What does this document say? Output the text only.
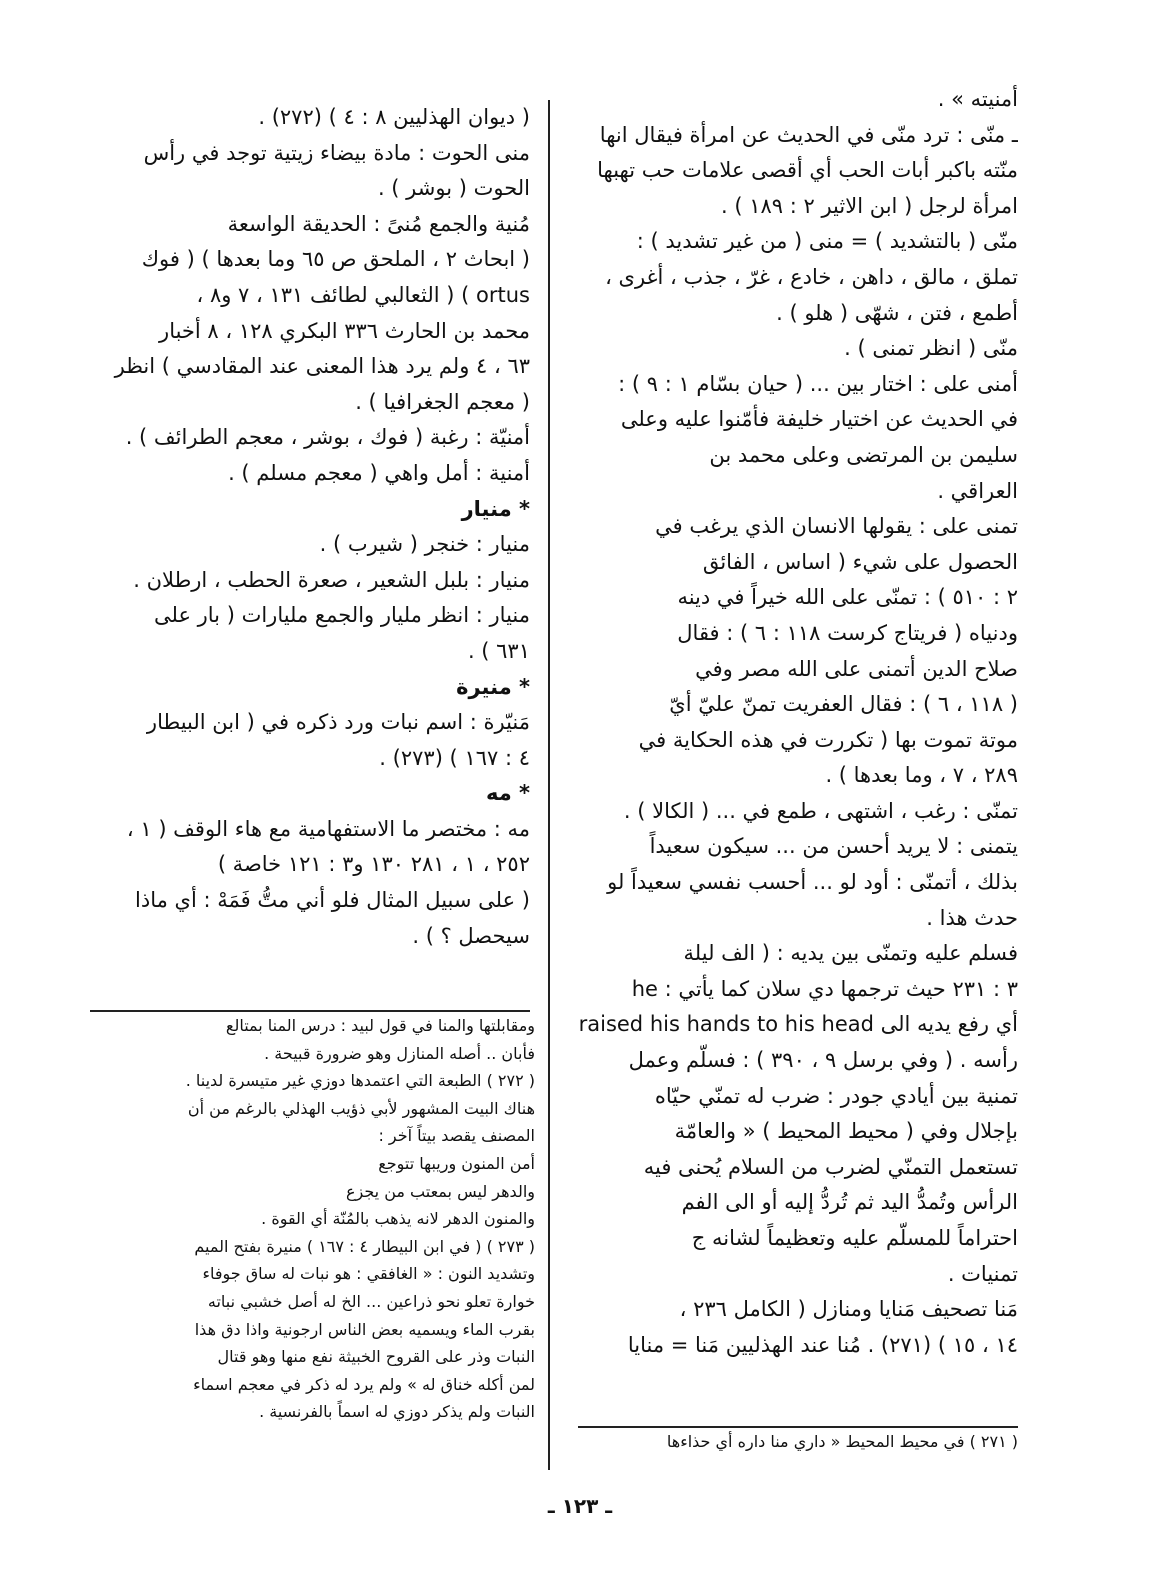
أمنيته » .
ـ منّى : ترد منّى في الحديث عن امرأة فيقال انها
منّته باكبر أبات الحب أي أقصى علامات حب تهبها
امرأة لرجل ( ابن الاثير ٢ : ١٨٩ ) .
منّى ( بالتشديد ) = منى ( من غير تشديد ) :
تملق ، مالق ، داهن ، خادع ، غرّ ، جذب ، أغرى ،
أطمع ، فتن ، شهّى ( هلو ) .
منّى ( انظر تمنى ) .
أمنى على : اختار بين ... ( حيان بسّام ١ : ٩ ) :
في الحديث عن اختيار خليفة فأمّنوا عليه وعلى
سليمن بن المرتضى وعلى محمد بن
العراقي .
تمنى على : يقولها الانسان الذي يرغب في
الحصول على شيء ( اساس ، الفائق
٢ : ٥١٠ ) : تمنّى على الله خيراً في دينه
ودنياه ( فريتاج كرست ١١٨ : ٦ ) : فقال
صلاح الدين أتمنى على الله مصر وفي
( ١١٨ ، ٦ ) : فقال العفريت تمنّ عليّ أيّ
موتة تموت بها ( تكررت في هذه الحكاية في
٢٨٩ ، ٧ ، وما بعدها ) .
تمنّى : رغب ، اشتهى ، طمع في ... ( الكالا ) .
يتمنى : لا يريد أحسن من ... سيكون سعيداً
بذلك ، أتمنّى : أود لو ... أحسب نفسي سعيداً لو
حدث هذا .
فسلم عليه وتمنّى بين يديه : ( الف ليلة
٣ : ٢٣١ حيث ترجمها دي سلان كما يأتي : he
أي رفع يديه الى raised his hands to his head
رأسه . ( وفي برسل ٩ ، ٣٩٠ ) : فسلّم وعمل
تمنية بين أيادي جودر : ضرب له تمنّي حيّاه
بإجلال وفي ( محيط المحيط ) « والعامّة
تستعمل التمنّي لضرب من السلام يُحنى فيه
الرأس وتُمدُّ اليد ثم تُردُّ إليه أو الى الفم
احتراماً للمسلّم عليه وتعظيماً لشانه ج
تمنيات .
مَنا تصحيف مَنايا ومنازل ( الكامل ٢٣٦ ،
١٤ ، ١٥ ) (٢٧١) . مُنا عند الهذليين مَنا = منايا
( ديوان الهذليين ٨ : ٤ ) (٢٧٢) .
منى الحوت : مادة بيضاء زيتية توجد في رأس
الحوت ( بوشر ) .
مُنية والجمع مُنىً : الحديقة الواسعة
( ابحاث ٢ ، الملحق ص ٦٥ وما بعدها ) ( فوك
ortus ) ( الثعالبي لطائف ١٣١ ، ٧ و٨ ،
محمد بن الحارث ٣٣٦ البكري ١٢٨ ، ٨ أخبار
٦٣ ، ٤ ولم يرد هذا المعنى عند المقادسي ) انظر
( معجم الجغرافيا ) .
أمنيّة : رغبة ( فوك ، بوشر ، معجم الطرائف ) .
أمنية : أمل واهي ( معجم مسلم ) .
* منيار
منيار : خنجر ( شيرب ) .
منيار : بلبل الشعير ، صعرة الحطب ، ارطلان .
منيار : انظر مليار والجمع مليارات ( بار على
٦٣١ ) .
* منيرة
مَنيّرة : اسم نبات ورد ذكره في ( ابن البيطار
٤ : ١٦٧ ) (٢٧٣) .
* مه
مه : مختصر ما الاستفهامية مع هاء الوقف ( ١ ،
٢٥٢ ، ١ ، ٢٨١ ١٣٠ و٣ : ١٢١ خاصة )
( على سبيل المثال فلو أني متُّ فَمَهْ : أي ماذا
سيحصل ؟ ) .
ومقابلتها والمنا في قول لبيد : درس المنا بمتالع
فأبان .. أصله المنازل وهو ضرورة قبيحة .
( ٢٧٢ ) الطبعة التي اعتمدها دوزي غير متيسرة لدينا .
هناك البيت المشهور لأبي ذؤيب الهذلي بالرغم من أن
المصنف يقصد بيتاً آخر :
أمن المنون وريبها تتوجع
والدهر ليس بمعتب من يجزع
والمنون الدهر لانه يذهب بالمُنّة أي القوة .
( ٢٧٣ ) ( في ابن البيطار ٤ : ١٦٧ ) منيرة بفتح الميم
وتشديد النون : « الغافقي : هو نبات له ساق جوفاء
خوارة تعلو نحو ذراعين ... الخ له أصل خشبي نباته
بقرب الماء ويسميه بعض الناس ارجونية واذا دق هذا
النبات وذر على القروح الخبيثة نفع منها وهو قتال
لمن أكله خناق له » ولم يرد له ذكر في معجم اسماء
النبات ولم يذكر دوزي له اسماً بالفرنسية .
( ٢٧١ ) في محيط المحيط « داري منا داره أي حذاءها
ـ ١٢٣ ـ
